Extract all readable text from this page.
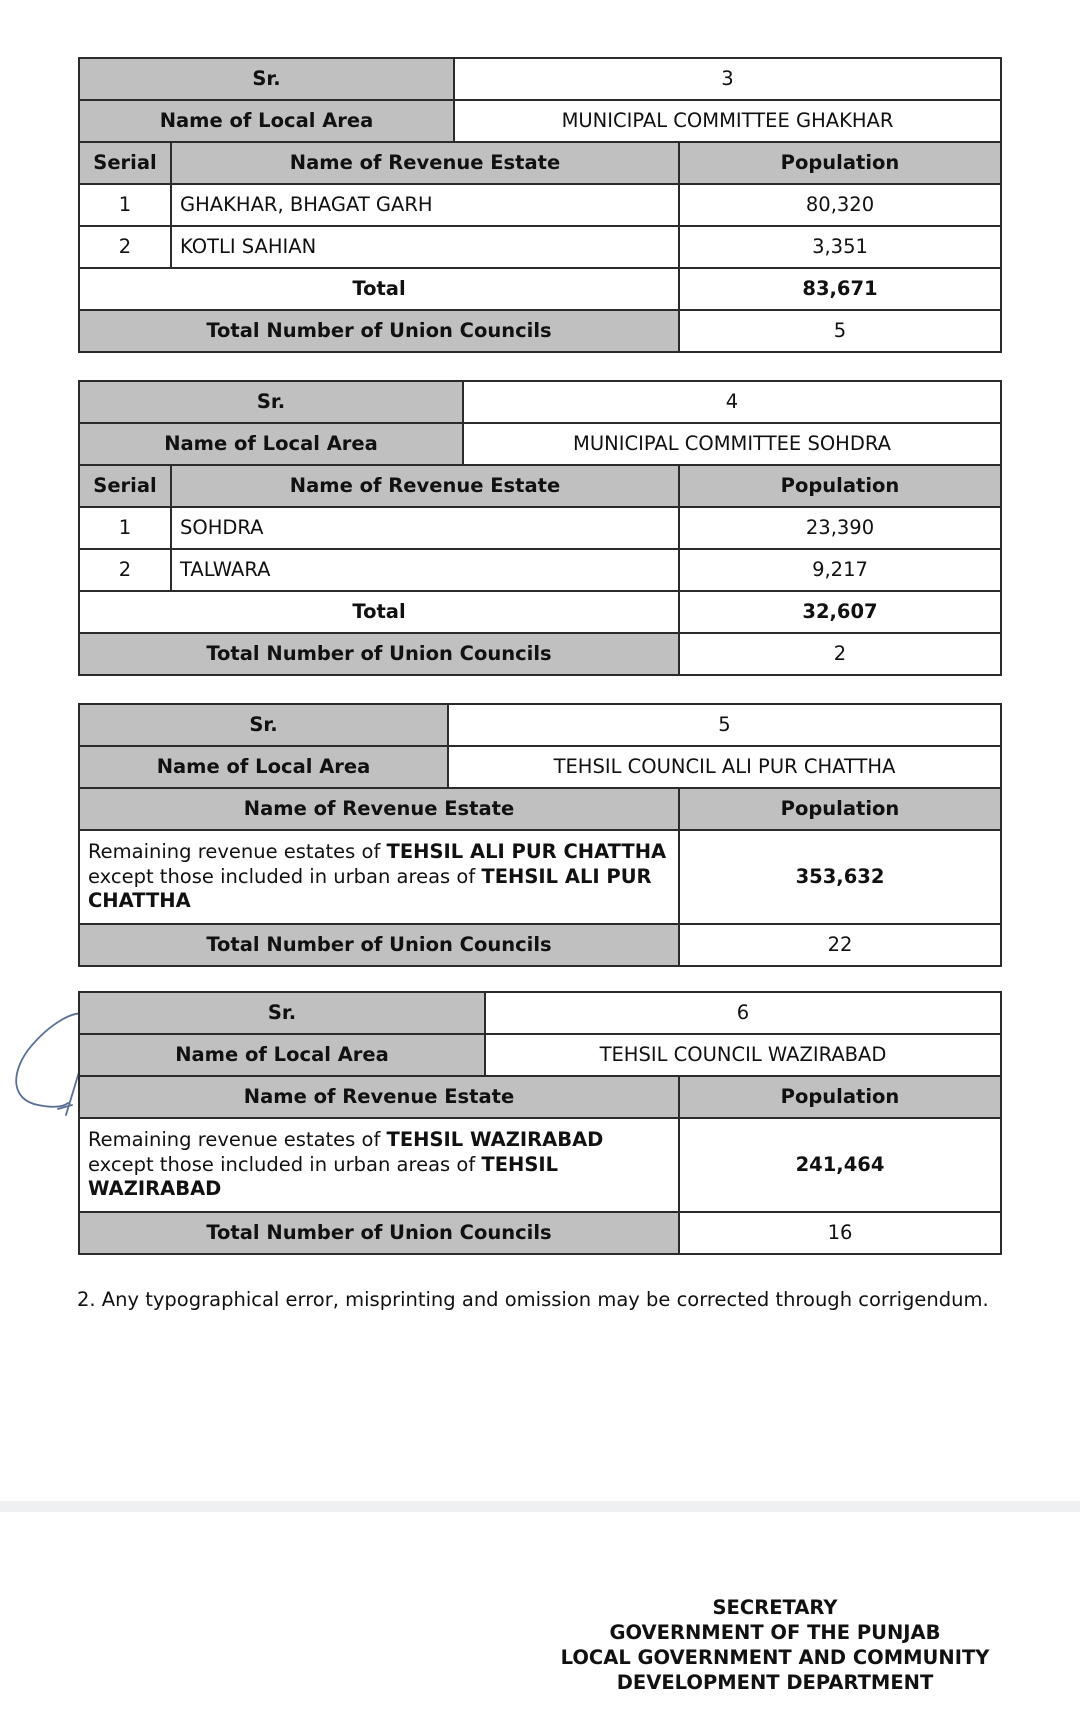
Sr.	3
Name of Local Area	MUNICIPAL COMMITTEE GHAKHAR
Serial	Name of Revenue Estate	Population
1	GHAKHAR, BHAGAT GARH	80,320
2	KOTLI SAHIAN	3,351
Total		83,671
Total Number of Union Councils		5
Sr.	4
Name of Local Area	MUNICIPAL COMMITTEE SOHDRA
Serial	Name of Revenue Estate	Population
1	SOHDRA	23,390
2	TALWARA	9,217
Total		32,607
Total Number of Union Councils		2
Sr.	5
Name of Local Area	TEHSIL COUNCIL ALI PUR CHATTHA
Name of Revenue Estate	Population
Remaining revenue estates of TEHSIL ALI PUR CHATTHA except those included in urban areas of TEHSIL ALI PUR CHATTHA	353,632
Total Number of Union Councils	22
Sr.	6
Name of Local Area	TEHSIL COUNCIL WAZIRABAD
Name of Revenue Estate	Population
Remaining revenue estates of TEHSIL WAZIRABAD except those included in urban areas of TEHSIL WAZIRABAD	241,464
Total Number of Union Councils	16
2. Any typographical error, misprinting and omission may be corrected through corrigendum.
SECRETARY
GOVERNMENT OF THE PUNJAB
LOCAL GOVERNMENT AND COMMUNITY
DEVELOPMENT DEPARTMENT
